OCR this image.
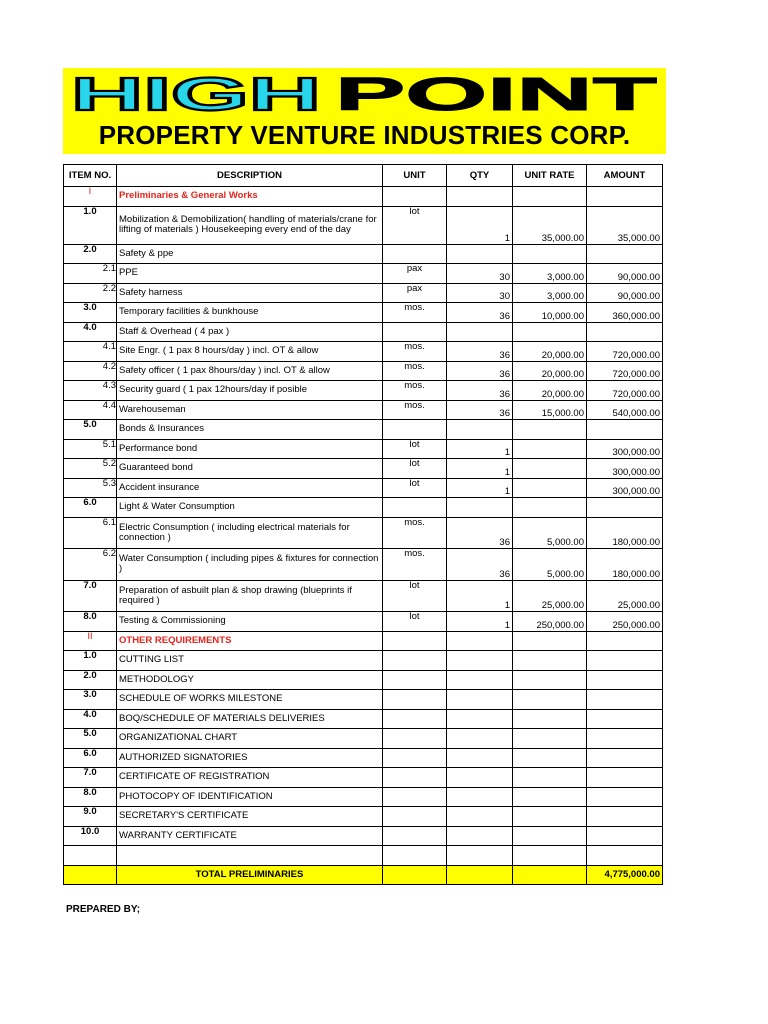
HIGH POINT
PROPERTY VENTURE INDUSTRIES CORP.
ITEM NO.	DESCRIPTION	UNIT	QTY	UNIT RATE	AMOUNT
I	Preliminaries & General Works				
1.0	Mobilization & Demobilization( handling of materials/crane for lifting of materials ) Housekeeping every end of the day	lot	1	35,000.00	35,000.00
2.0	Safety & ppe				
2.1	PPE	pax	30	3,000.00	90,000.00
2.2	Safety harness	pax	30	3,000.00	90,000.00
3.0	Temporary facilities & bunkhouse	mos.	36	10,000.00	360,000.00
4.0	Staff & Overhead ( 4 pax )				
4.1	Site Engr. ( 1 pax 8 hours/day ) incl. OT & allow	mos.	36	20,000.00	720,000.00
4.2	Safety officer ( 1 pax 8hours/day ) incl. OT & allow	mos.	36	20,000.00	720,000.00
4.3	Security guard ( 1 pax 12hours/day if posible	mos.	36	20,000.00	720,000.00
4.4	Warehouseman	mos.	36	15,000.00	540,000.00
5.0	Bonds & Insurances				
5.1	Performance bond	lot	1		300,000.00
5.2	Guaranteed bond	lot	1		300,000.00
5.3	Accident insurance	lot	1		300,000.00
6.0	Light & Water Consumption				
6.1	Electric Consumption ( including electrical materials for connection )	mos.	36	5,000.00	180,000.00
6.2	Water Consumption ( including pipes & fixtures for connection )	mos.	36	5,000.00	180,000.00
7.0	Preparation of asbuilt plan & shop drawing (blueprints if required )	lot	1	25,000.00	25,000.00
8.0	Testing & Commissioning	lot	1	250,000.00	250,000.00
II	OTHER REQUIREMENTS				
1.0	CUTTING LIST				
2.0	METHODOLOGY				
3.0	SCHEDULE OF WORKS MILESTONE				
4.0	BOQ/SCHEDULE OF MATERIALS DELIVERIES				
5.0	ORGANIZATIONAL CHART				
6.0	AUTHORIZED SIGNATORIES				
7.0	CERTIFICATE OF REGISTRATION				
8.0	PHOTOCOPY OF IDENTIFICATION				
9.0	SECRETARY'S CERTIFICATE				
10.0	WARRANTY CERTIFICATE				

	TOTAL PRELIMINARIES				4,775,000.00
PREPARED BY;
